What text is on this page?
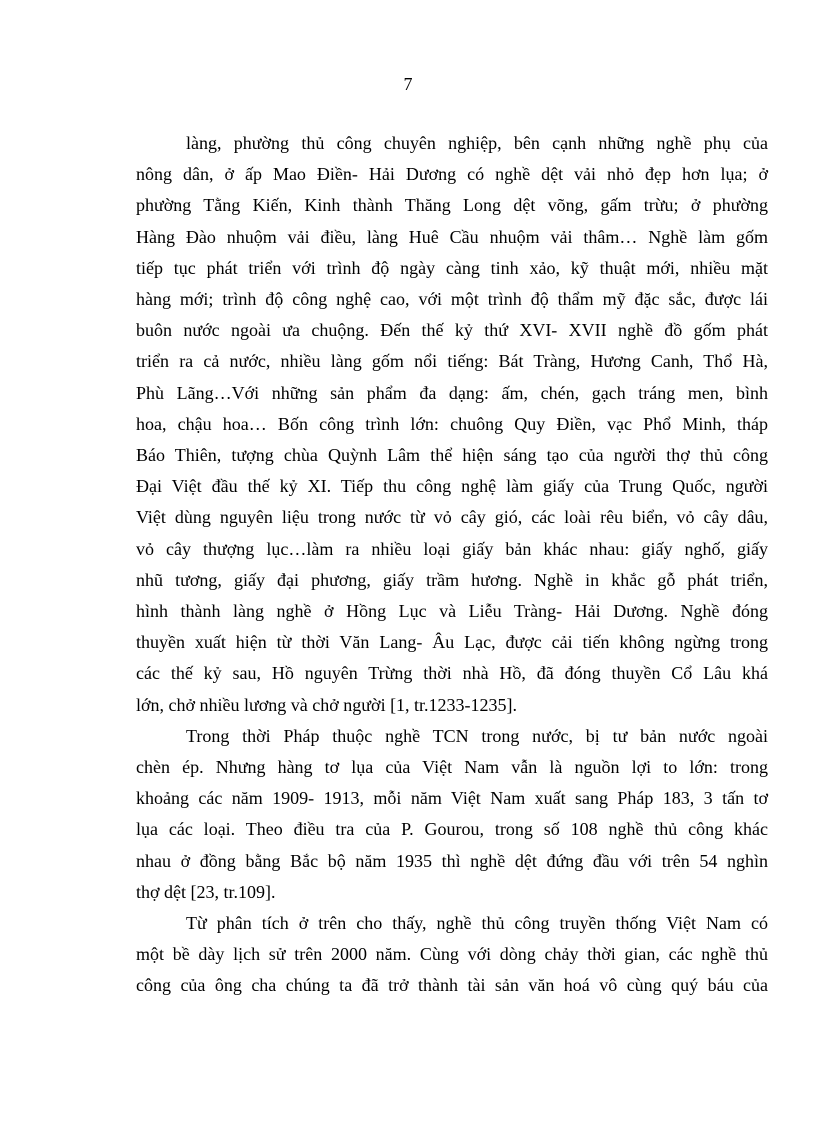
7
làng, phường thủ công chuyên nghiệp, bên cạnh những nghề phụ của
nông dân, ở ấp Mao Điền- Hải Dương có nghề dệt vải nhỏ đẹp hơn lụa; ở
phường Tằng Kiến, Kinh thành Thăng Long dệt võng, gấm trừu; ở phường
Hàng Đào nhuộm vải điều, làng Huê Cầu nhuộm vải thâm… Nghề làm gốm
tiếp tục phát triển với trình độ ngày càng tinh xảo, kỹ thuật mới, nhiều mặt
hàng mới; trình độ công nghệ cao, với một trình độ thẩm mỹ đặc sắc, được lái
buôn nước ngoài ưa chuộng. Đến thế kỷ thứ XVI- XVII nghề đồ gốm phát
triển ra cả nước, nhiều làng gốm nổi tiếng: Bát Tràng, Hương Canh, Thổ Hà,
Phù Lãng…Với những sản phẩm đa dạng: ấm, chén, gạch tráng men, bình
hoa, chậu hoa… Bốn công trình lớn: chuông Quy Điền, vạc Phổ Minh, tháp
Báo Thiên, tượng chùa Quỳnh Lâm thể hiện sáng tạo của người thợ thủ công
Đại Việt đầu thế kỷ XI. Tiếp thu công nghệ làm giấy của Trung Quốc, người
Việt dùng nguyên liệu trong nước từ vỏ cây gió, các loài rêu biển, vỏ cây dâu,
vỏ cây thượng lục…làm ra nhiều loại giấy bản khác nhau: giấy nghố, giấy
nhũ tương, giấy đại phương, giấy trầm hương. Nghề in khắc gỗ phát triển,
hình thành làng nghề ở Hồng Lục và Liễu Tràng- Hải Dương. Nghề đóng
thuyền xuất hiện từ thời Văn Lang- Âu Lạc, được cải tiến không ngừng trong
các thế kỷ sau, Hồ nguyên Trừng thời nhà Hồ, đã đóng thuyền Cổ Lâu khá
lớn, chở nhiều lương và chở người [1, tr.1233-1235].
Trong thời Pháp thuộc nghề TCN trong nước, bị tư bản nước ngoài
chèn ép. Nhưng hàng tơ lụa của Việt Nam vẫn là nguồn lợi to lớn: trong
khoảng các năm 1909- 1913, mỗi năm Việt Nam xuất sang Pháp 183, 3 tấn tơ
lụa các loại. Theo điều tra của P. Gourou, trong số 108 nghề thủ công khác
nhau ở đồng bằng Bắc bộ năm 1935 thì nghề dệt đứng đầu với trên 54 nghìn
thợ dệt [23, tr.109].
Từ phân tích ở trên cho thấy, nghề thủ công truyền thống Việt Nam có
một bề dày lịch sử trên 2000 năm. Cùng với dòng chảy thời gian, các nghề thủ
công của ông cha chúng ta đã trở thành tài sản văn hoá vô cùng quý báu của
